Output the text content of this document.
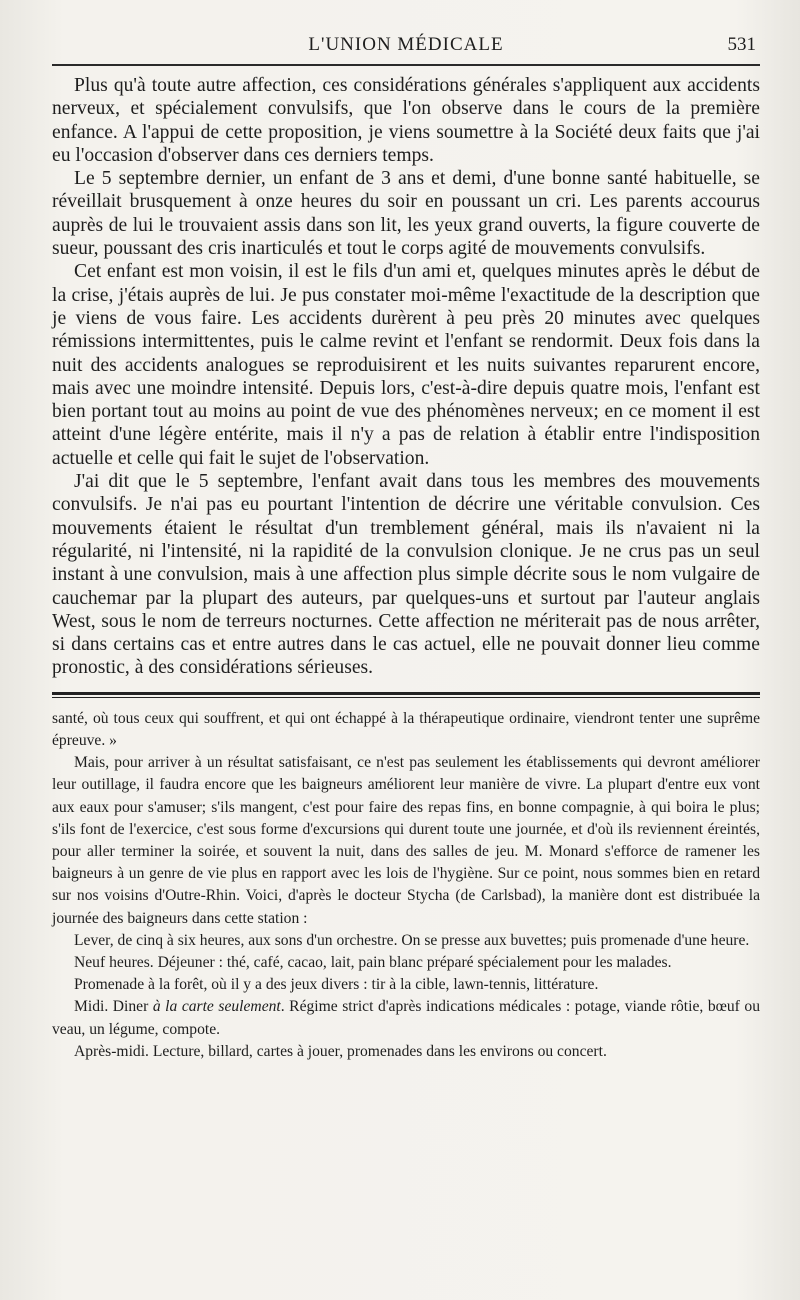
L'UNION MÉDICALE	531

Plus qu'à toute autre affection, ces considérations générales s'appliquent aux accidents nerveux, et spécialement convulsifs, que l'on observe dans le cours de la première enfance. A l'appui de cette proposition, je viens soumettre à la Société deux faits que j'ai eu l'occasion d'observer dans ces derniers temps.

Le 5 septembre dernier, un enfant de 3 ans et demi, d'une bonne santé habituelle, se réveillait brusquement à onze heures du soir en poussant un cri. Les parents accourus auprès de lui le trouvaient assis dans son lit, les yeux grand ouverts, la figure couverte de sueur, poussant des cris inarticulés et tout le corps agité de mouvements convulsifs.

Cet enfant est mon voisin, il est le fils d'un ami et, quelques minutes après le début de la crise, j'étais auprès de lui. Je pus constater moi-même l'exactitude de la description que je viens de vous faire. Les accidents durèrent à peu près 20 minutes avec quelques rémissions intermittentes, puis le calme revint et l'enfant se rendormit. Deux fois dans la nuit des accidents analogues se reproduisirent et les nuits suivantes reparurent encore, mais avec une moindre intensité. Depuis lors, c'est-à-dire depuis quatre mois, l'enfant est bien portant tout au moins au point de vue des phénomènes nerveux; en ce moment il est atteint d'une légère entérite, mais il n'y a pas de relation à établir entre l'indisposition actuelle et celle qui fait le sujet de l'observation.

J'ai dit que le 5 septembre, l'enfant avait dans tous les membres des mouvements convulsifs. Je n'ai pas eu pourtant l'intention de décrire une véritable convulsion. Ces mouvements étaient le résultat d'un tremblement général, mais ils n'avaient ni la régularité, ni l'intensité, ni la rapidité de la convulsion clonique. Je ne crus pas un seul instant à une convulsion, mais à une affection plus simple décrite sous le nom vulgaire de cauchemar par la plupart des auteurs, par quelques-uns et surtout par l'auteur anglais West, sous le nom de terreurs nocturnes. Cette affection ne mériterait pas de nous arrêter, si dans certains cas et entre autres dans le cas actuel, elle ne pouvait donner lieu comme pronostic, à des considérations sérieuses.

santé, où tous ceux qui souffrent, et qui ont échappé à la thérapeutique ordinaire, viendront tenter une suprême épreuve. »

Mais, pour arriver à un résultat satisfaisant, ce n'est pas seulement les établissements qui devront améliorer leur outillage, il faudra encore que les baigneurs améliorent leur manière de vivre. La plupart d'entre eux vont aux eaux pour s'amuser; s'ils mangent, c'est pour faire des repas fins, en bonne compagnie, à qui boira le plus; s'ils font de l'exercice, c'est sous forme d'excursions qui durent toute une journée, et d'où ils reviennent éreintés, pour aller terminer la soirée, et souvent la nuit, dans des salles de jeu. M. Monard s'efforce de ramener les baigneurs à un genre de vie plus en rapport avec les lois de l'hygiène. Sur ce point, nous sommes bien en retard sur nos voisins d'Outre-Rhin. Voici, d'après le docteur Stycha (de Carlsbad), la manière dont est distribuée la journée des baigneurs dans cette station :

Lever, de cinq à six heures, aux sons d'un orchestre. On se presse aux buvettes; puis promenade d'une heure.

Neuf heures. Déjeuner : thé, café, cacao, lait, pain blanc préparé spécialement pour les malades.

Promenade à la forêt, où il y a des jeux divers : tir à la cible, lawn-tennis, littérature.

Midi. Diner à la carte seulement. Régime strict d'après indications médicales : potage, viande rôtie, bœuf ou veau, un légume, compote.

Après-midi. Lecture, billard, cartes à jouer, promenades dans les environs ou concert.
